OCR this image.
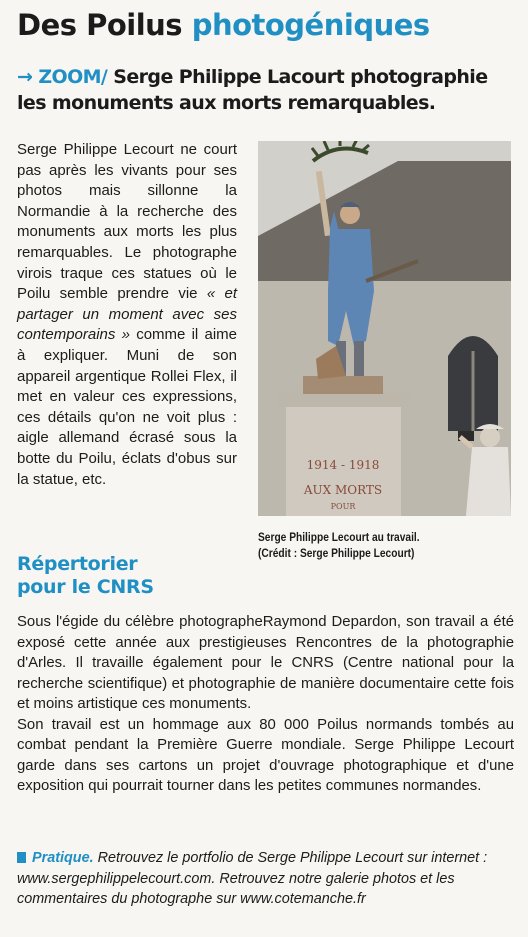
Des Poilus photogéniques

→ ZOOM/ Serge Philippe Lacourt photographie les monuments aux morts remarquables.

Serge Philippe Lecourt ne court pas après les vivants pour ses photos mais sillonne la Normandie à la recherche des monuments aux morts les plus remarquables. Le photographe virois traque ces statues où le Poilu semble prendre vie « et partager un moment avec ses contemporains » comme il aime à expliquer. Muni de son appareil argentique Rollei Flex, il met en valeur ces expressions, ces détails qu'on ne voit plus : aigle allemand écrasé sous la botte du Poilu, éclats d'obus sur la statue, etc.

1914 - 1918
AUX MORTS
POUR

Serge Philippe Lecourt au travail.
(Crédit : Serge Philippe Lecourt)

Répertorier
pour le CNRS

Sous l'égide du célèbre photographeRaymond Depardon, son travail a été exposé cette année aux prestigieuses Rencontres de la photographie d'Arles. Il travaille également pour le CNRS (Centre national pour la recherche scientifique) et photographie de manière documentaire cette fois et moins artistique ces monuments.

Son travail est un hommage aux 80 000 Poilus normands tombés au combat pendant la Première Guerre mondiale. Serge Philippe Lecourt garde dans ses cartons un projet d'ouvrage photographique et d'une exposition qui pourrait tourner dans les petites communes normandes.

Pratique. Retrouvez le portfolio de Serge Philippe Lecourt sur internet : www.sergephilippelecourt.com. Retrouvez notre galerie photos et les commentaires du photographe sur www.cotemanche.fr
